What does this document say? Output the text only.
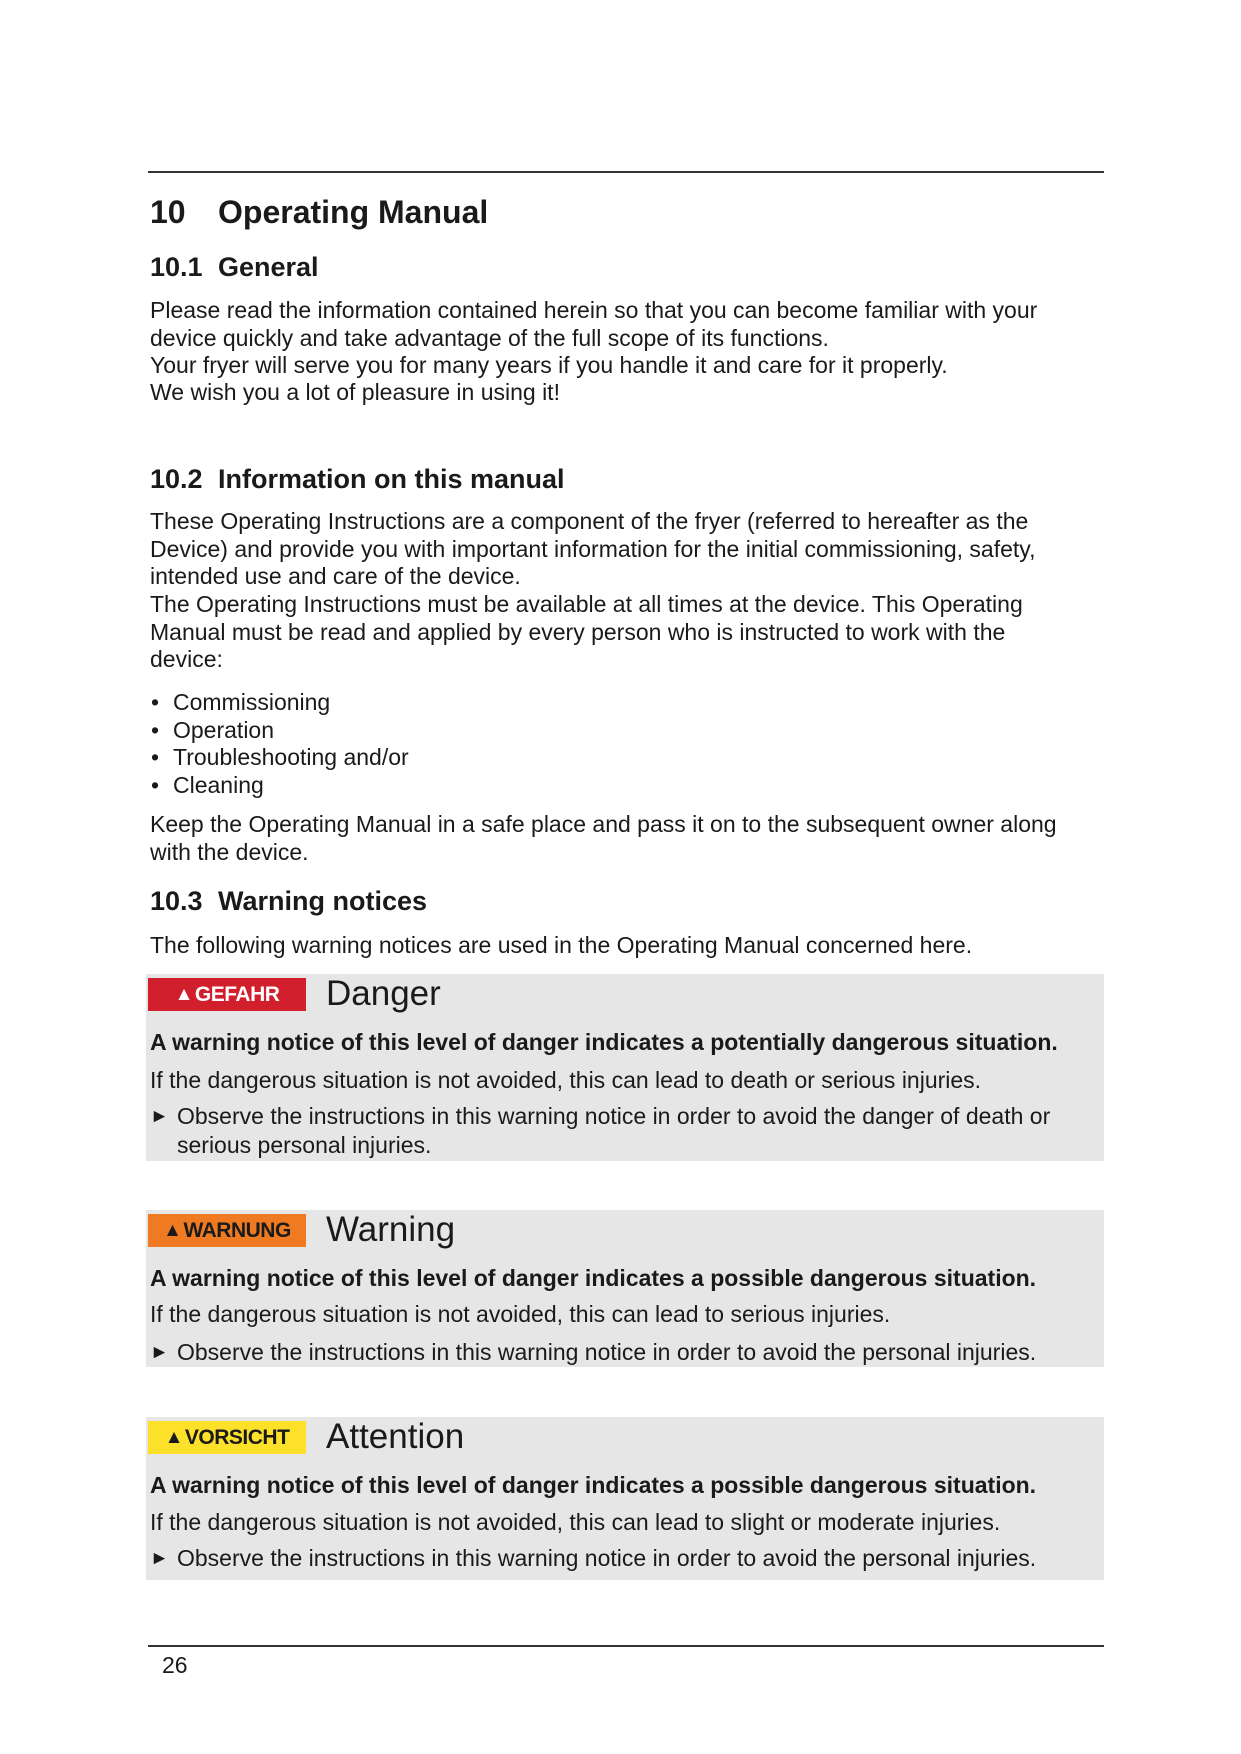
10 Operating Manual
10.1 General

Please read the information contained herein so that you can become familiar with your device quickly and take advantage of the full scope of its functions.

Your fryer will serve you for many years if you handle it and care for it properly.

We wish you a lot of pleasure in using it!

10.2 Information on this manual

These Operating Instructions are a component of the fryer (referred to hereafter as the Device) and provide you with important information for the initial commissioning, safety, intended use and care of the device.

The Operating Instructions must be available at all times at the device. This Operating Manual must be read and applied by every person who is instructed to work with the device:

• Commissioning
• Operation
• Troubleshooting and/or
• Cleaning

Keep the Operating Manual in a safe place and pass it on to the subsequent owner along with the device.

10.3 Warning notices

The following warning notices are used in the Operating Manual concerned here.

▲ GEFAHR Danger
A warning notice of this level of danger indicates a potentially dangerous situation.
If the dangerous situation is not avoided, this can lead to death or serious injuries.
► Observe the instructions in this warning notice in order to avoid the danger of death or serious personal injuries.
▲ WARNUNG Warning
A warning notice of this level of danger indicates a possible dangerous situation.
If the dangerous situation is not avoided, this can lead to serious injuries.
► Observe the instructions in this warning notice in order to avoid the personal injuries.
▲ VORSICHT Attention
A warning notice of this level of danger indicates a possible dangerous situation.
If the dangerous situation is not avoided, this can lead to slight or moderate injuries.
► Observe the instructions in this warning notice in order to avoid the personal injuries.
26
